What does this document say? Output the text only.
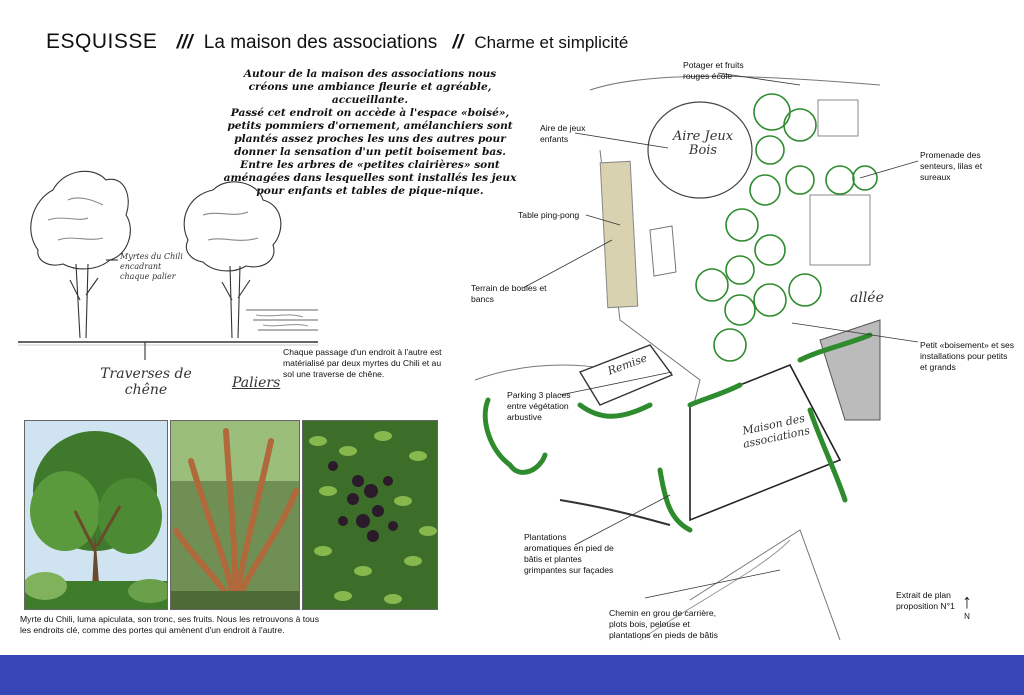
ESQUISSE /// La maison des associations // Charme et simplicité

Autour de la maison des associations nous

créons une ambiance fleurie et agréable,

accueillante.

Passé cet endroit on accède à l'espace «boisé»,

petits pommiers d'ornement, amélanchiers sont

plantés assez proches les uns des autres pour

donner la sensation d'un petit boisement bas.

Entre les arbres de «petites clairières» sont

aménagées dans lesquelles sont installés les jeux

pour enfants et tables de pique-nique.

Myrtes du Chili encadrant chaque palier
Traverses de chêne	Paliers
Chaque passage d'un endroit à l'autre est matérialisé par deux myrtes du Chili et au sol une traverse de chêne.
Myrte du Chili, luma apiculata, son tronc, ses fruits. Nous les retrouvons à tous les endroits clé, comme des portes qui amènent d'un endroit à l'autre.
Aire Jeux Bois
Remise
Maison des associations
allée
Potager et fruits rouges école
Aire de jeux enfants
Promenade des senteurs, lilas et sureaux
Table ping-pong
Terrain de boules et bancs
Petit «boisement» et ses installations pour petits et grands
Parking 3 places entre végétation arbustive
Plantations aromatiques en pied de bâtis et plantes grimpantes sur façades
Chemin en grou de carrière, plots bois, pelouse et plantations en pieds de bâtis
Extrait de plan proposition N°1 ↑
N
